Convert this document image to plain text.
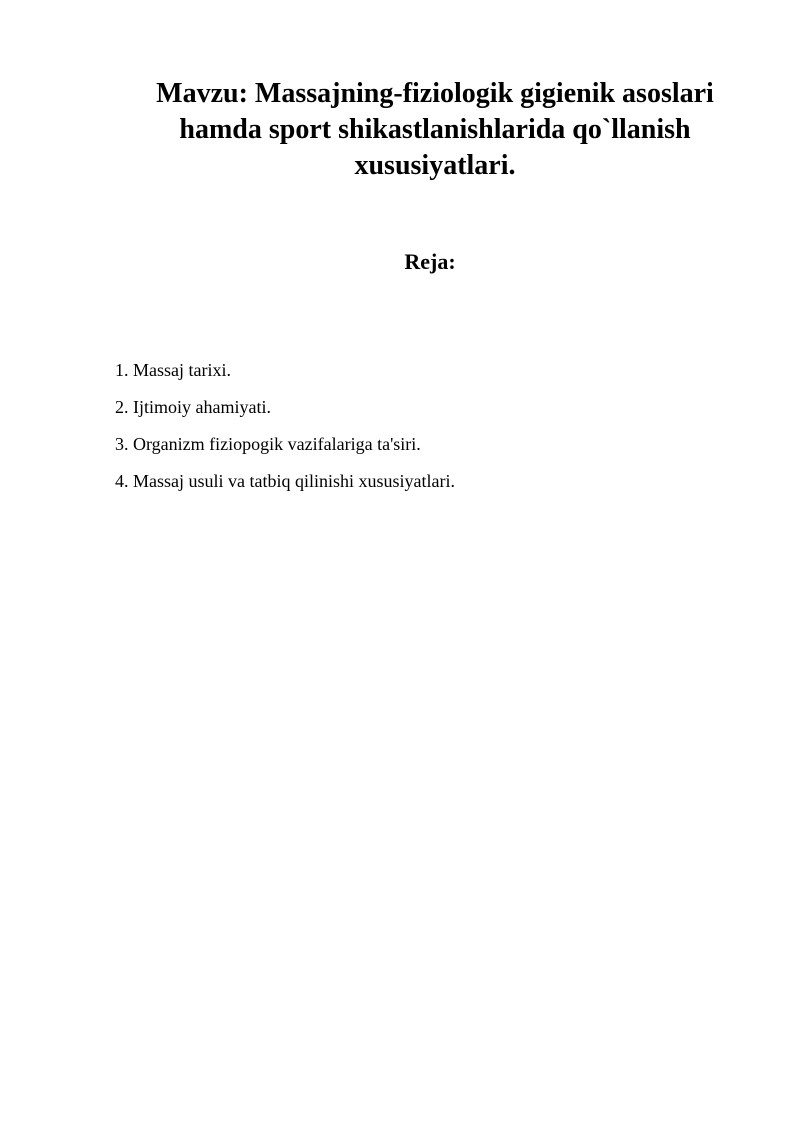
Mavzu: Massajning-fiziologik gigienik asoslari
hamda sport shikastlanishlarida qo`llanish
xususiyatlari.
Reja:
1. Massaj tarixi.
2. Ijtimoiy ahamiyati.
3. Organizm fiziopogik vazifalariga ta'siri.
4. Massaj usuli va tatbiq qilinishi xususiyatlari.
